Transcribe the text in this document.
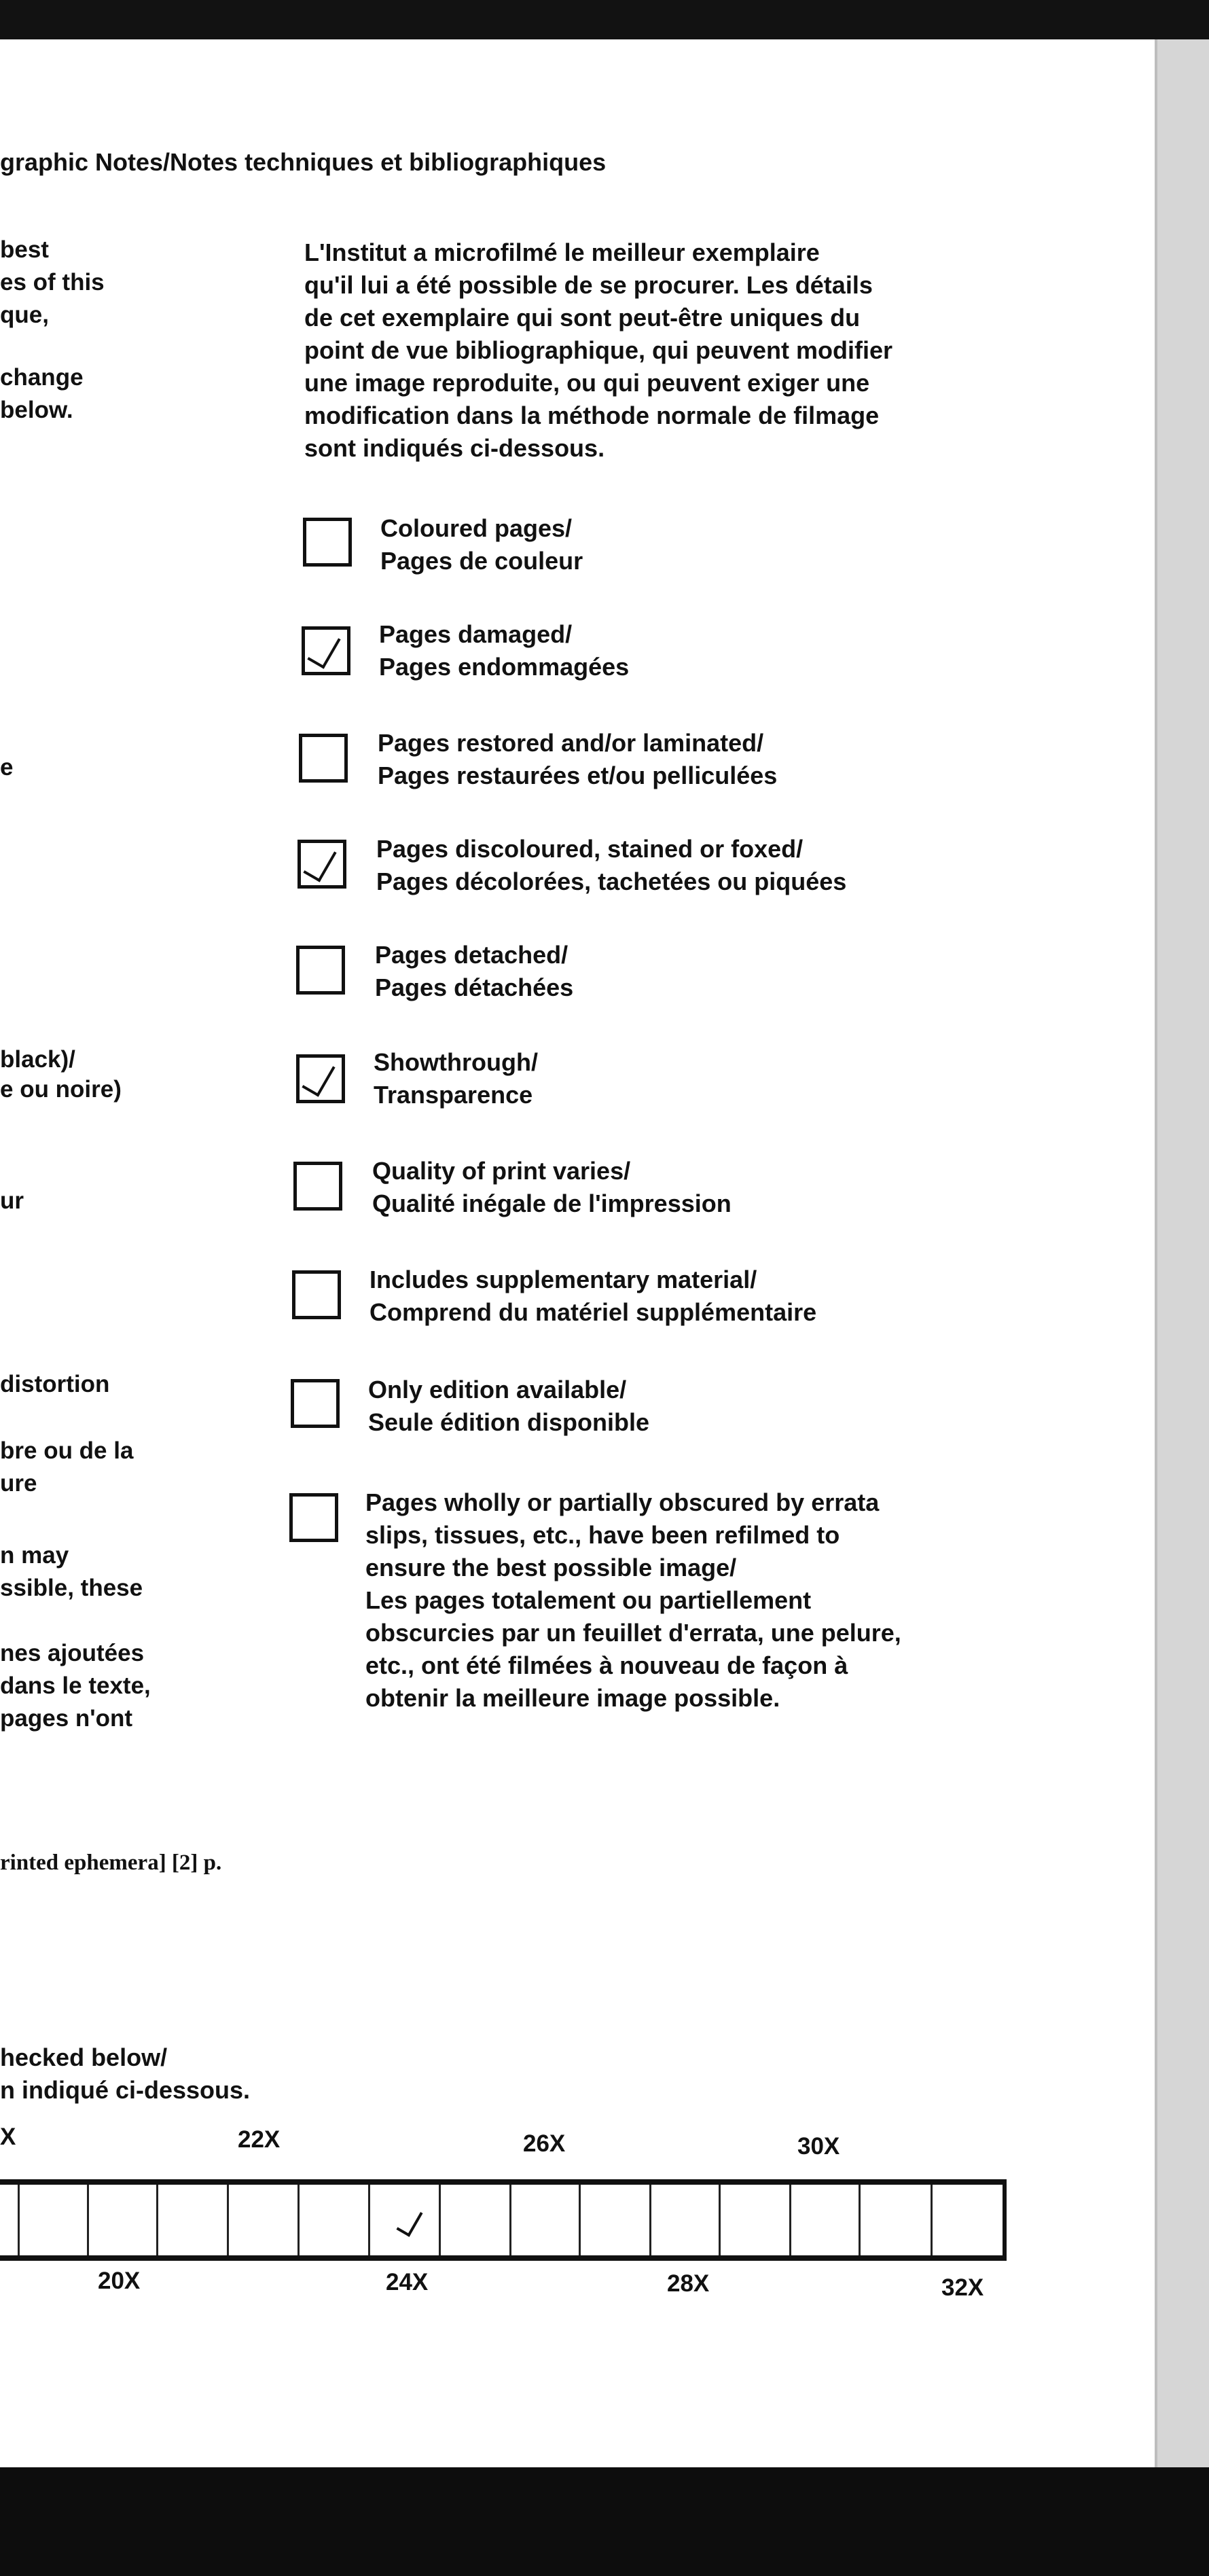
graphic Notes/Notes techniques et bibliographiques
best
es of this
que,
change
below.
e
black)/
e ou noire)
ur
distortion
bre ou de la
ure
n may
ssible, these
nes ajoutées
dans le texte,
pages n'ont
L'Institut a microfilmé le meilleur exemplaire
qu'il lui a été possible de se procurer. Les détails
de cet exemplaire qui sont peut-être uniques du
point de vue bibliographique, qui peuvent modifier
une image reproduite, ou qui peuvent exiger une
modification dans la méthode normale de filmage
sont indiqués ci-dessous.
Coloured pages/
Pages de couleur
Pages damaged/
Pages endommagées
Pages restored and/or laminated/
Pages restaurées et/ou pelliculées
Pages discoloured, stained or foxed/
Pages décolorées, tachetées ou piquées
Pages detached/
Pages détachées
Showthrough/
Transparence
Quality of print varies/
Qualité inégale de l'impression
Includes supplementary material/
Comprend du matériel supplémentaire
Only edition available/
Seule édition disponible
Pages wholly or partially obscured by errata
slips, tissues, etc., have been refilmed to
ensure the best possible image/
Les pages totalement ou partiellement
obscurcies par un feuillet d'errata, une pelure,
etc., ont été filmées à nouveau de façon à
obtenir la meilleure image possible.
rinted ephemera] [2] p.
hecked below/
n indiqué ci-dessous.
X	22X	26X	30X
20X	24X	28X	32X
